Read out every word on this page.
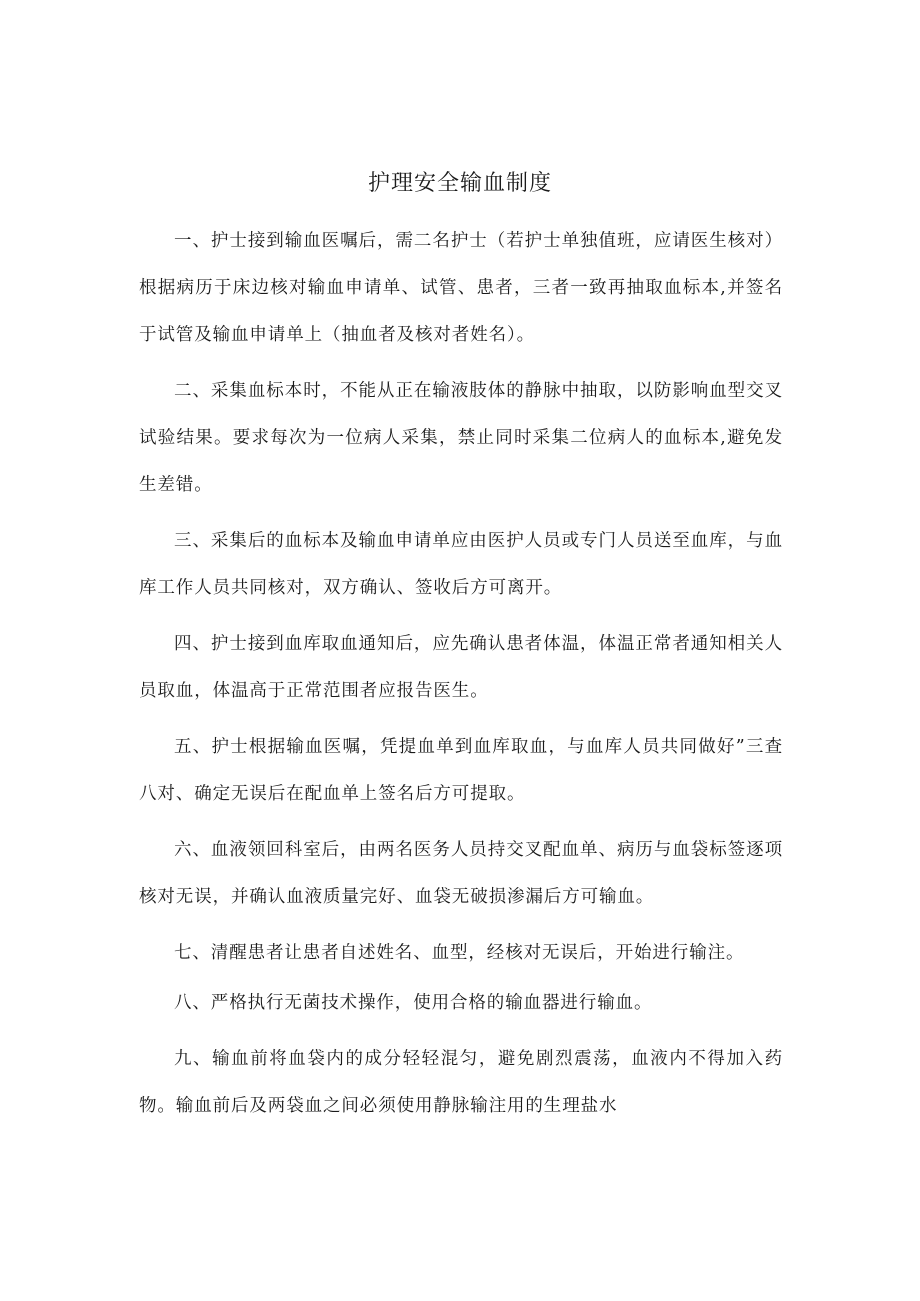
护理安全输血制度

一、护士接到输血医嘱后，需二名护士（若护士单独值班，应请医生核对）根据病历于床边核对输血申请单、试管、患者，三者一致再抽取血标本,并签名于试管及输血申请单上（抽血者及核对者姓名）。

二、采集血标本时，不能从正在输液肢体的静脉中抽取，以防影响血型交叉试验结果。要求每次为一位病人采集，禁止同时采集二位病人的血标本,避免发生差错。

三、采集后的血标本及输血申请单应由医护人员或专门人员送至血库，与血库工作人员共同核对，双方确认、签收后方可离开。

四、护士接到血库取血通知后，应先确认患者体温，体温正常者通知相关人员取血，体温高于正常范围者应报告医生。

五、护士根据输血医嘱，凭提血单到血库取血，与血库人员共同做好”三查八对、确定无误后在配血单上签名后方可提取。

六、血液领回科室后，由两名医务人员持交叉配血单、病历与血袋标签逐项核对无误，并确认血液质量完好、血袋无破损渗漏后方可输血。

七、清醒患者让患者自述姓名、血型，经核对无误后，开始进行输注。

八、严格执行无菌技术操作，使用合格的输血器进行输血。

九、输血前将血袋内的成分轻轻混匀，避免剧烈震荡，血液内不得加入药物。输血前后及两袋血之间必须使用静脉输注用的生理盐水
